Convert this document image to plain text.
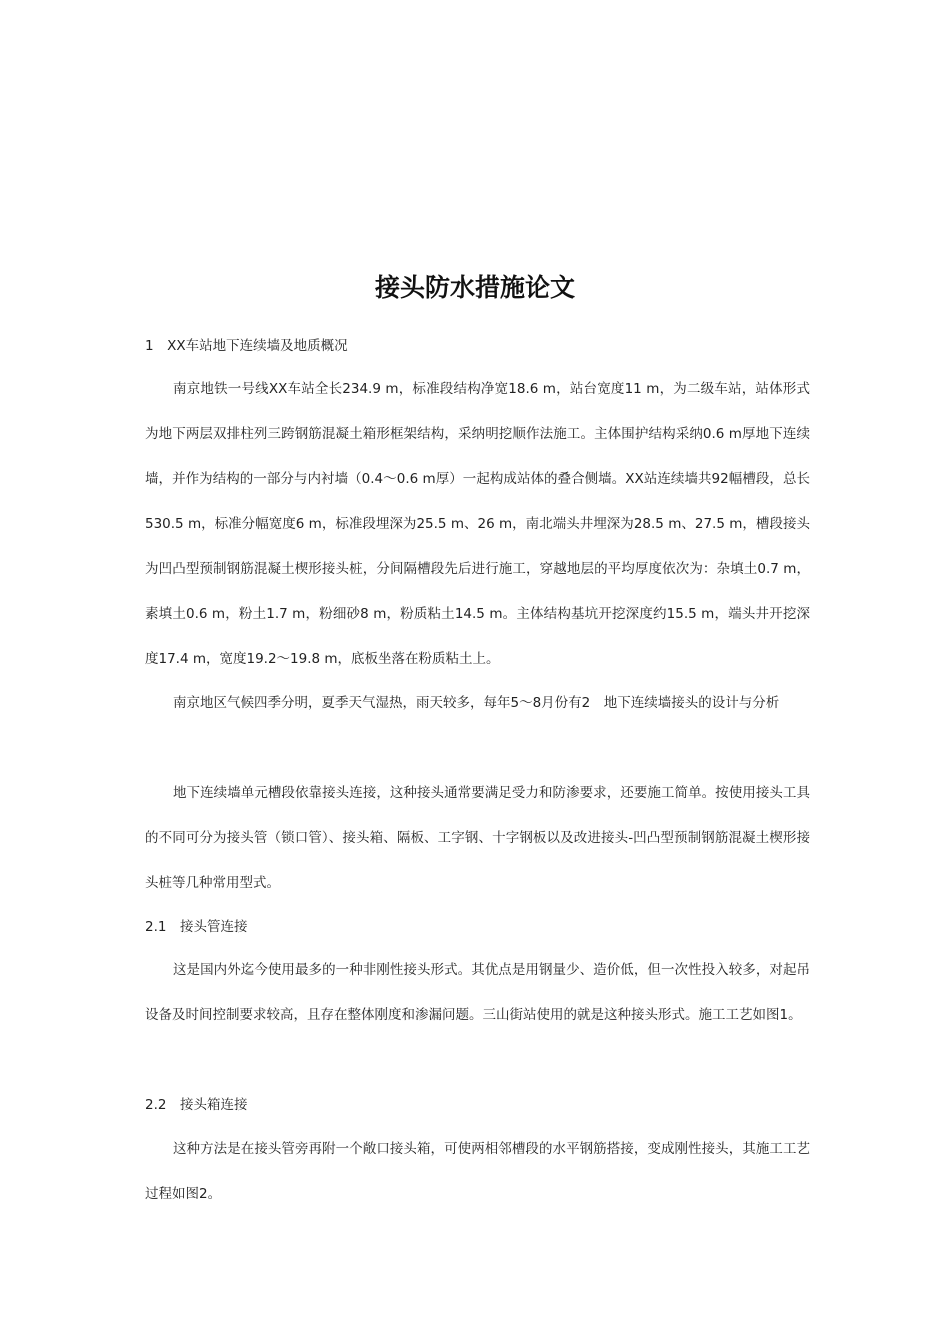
接头防水措施论文
1　XX车站地下连续墙及地质概况
南京地铁一号线XX车站全长234.9 m，标准段结构净宽18.6 m，站台宽度11 m，为二级车站，站体形式为地下两层双排柱列三跨钢筋混凝土箱形框架结构，采纳明挖顺作法施工。主体围护结构采纳0.6 m厚地下连续墙，并作为结构的一部分与内衬墙（0.4～0.6 m厚）一起构成站体的叠合侧墙。XX站连续墙共92幅槽段，总长530.5 m，标准分幅宽度6 m，标准段埋深为25.5 m、26 m，南北端头井埋深为28.5 m、27.5 m，槽段接头为凹凸型预制钢筋混凝土楔形接头桩，分间隔槽段先后进行施工，穿越地层的平均厚度依次为：杂填土0.7 m，素填土0.6 m，粉土1.7 m，粉细砂8 m，粉质粘土14.5 m。主体结构基坑开挖深度约15.5 m，端头井开挖深度17.4 m，宽度19.2～19.8 m，底板坐落在粉质粘土上。
南京地区气候四季分明，夏季天气湿热，雨天较多，每年5～8月份有2　地下连续墙接头的设计与分析
地下连续墙单元槽段依靠接头连接，这种接头通常要满足受力和防渗要求，还要施工简单。按使用接头工具的不同可分为接头管（锁口管）、接头箱、隔板、工字钢、十字钢板以及改进接头-凹凸型预制钢筋混凝土楔形接头桩等几种常用型式。
2.1　接头管连接
这是国内外迄今使用最多的一种非刚性接头形式。其优点是用钢量少、造价低，但一次性投入较多，对起吊设备及时间控制要求较高，且存在整体刚度和渗漏问题。三山街站使用的就是这种接头形式。施工工艺如图1。
2.2　接头箱连接
这种方法是在接头管旁再附一个敞口接头箱，可使两相邻槽段的水平钢筋搭接，变成刚性接头，其施工工艺过程如图2。
